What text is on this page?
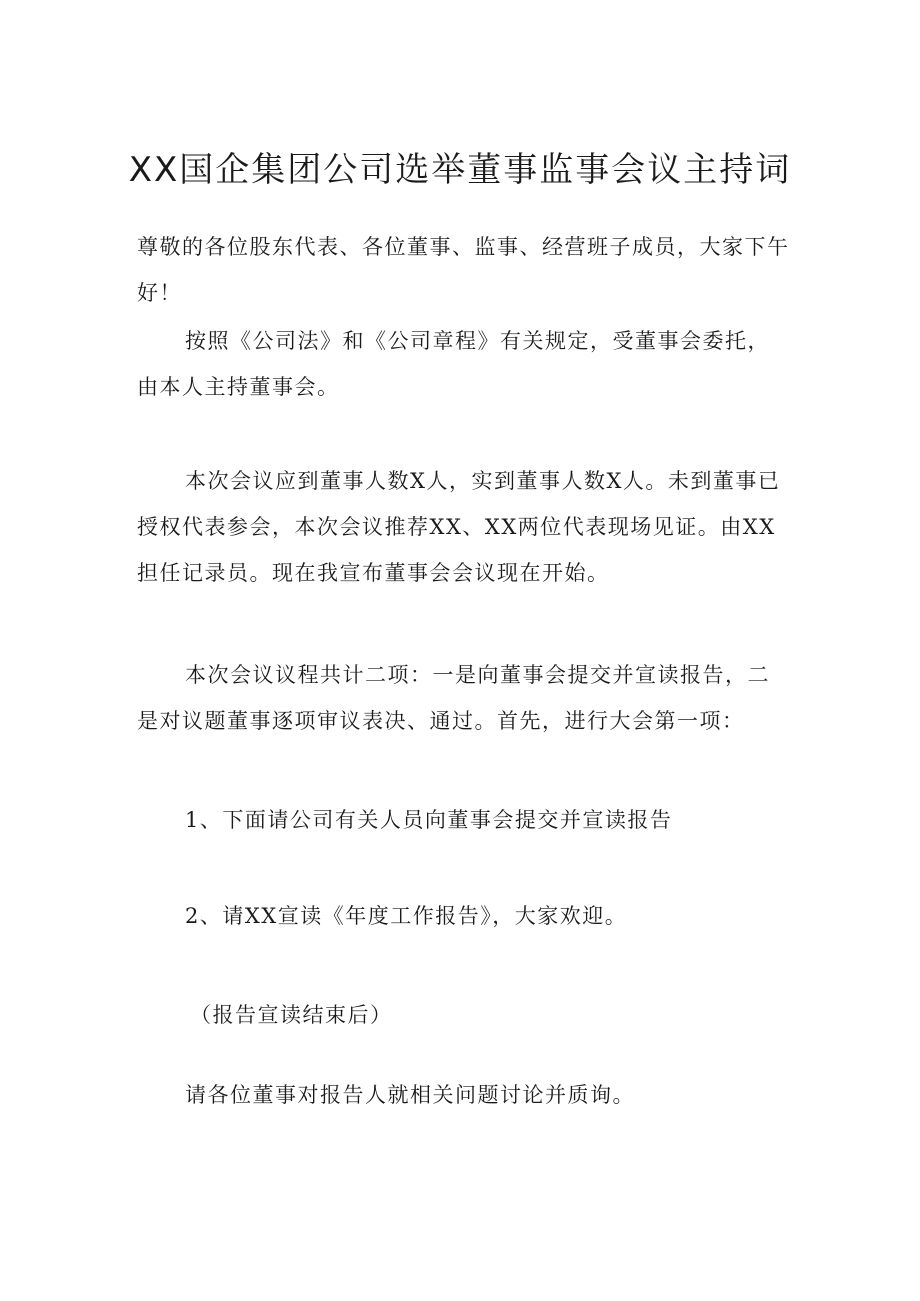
XX国企集团公司选举董事监事会议主持词

尊敬的各位股东代表、各位董事、监事、经营班子成员，大家下午好！

按照《公司法》和《公司章程》有关规定，受董事会委托，由本人主持董事会。

本次会议应到董事人数X人，实到董事人数X人。未到董事已授权代表参会，本次会议推荐XX、XX两位代表现场见证。由XX担任记录员。现在我宣布董事会会议现在开始。

本次会议议程共计二项：一是向董事会提交并宣读报告，二是对议题董事逐项审议表决、通过。首先，进行大会第一项：

1、下面请公司有关人员向董事会提交并宣读报告

2、请XX宣读《年度工作报告》，大家欢迎。

（报告宣读结束后）

请各位董事对报告人就相关问题讨论并质询。
